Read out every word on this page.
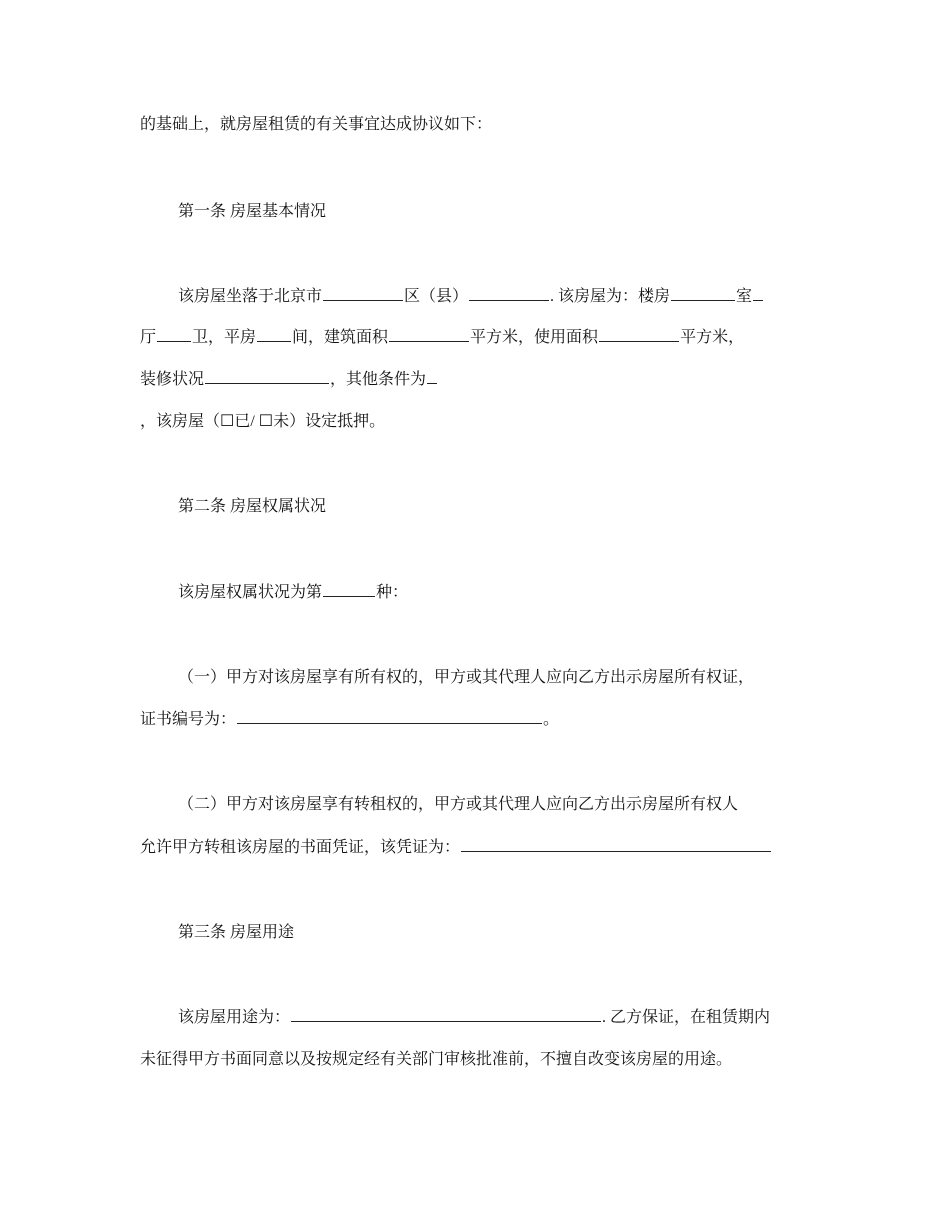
的基础上，就房屋租赁的有关事宜达成协议如下：
第一条 房屋基本情况
该房屋坐落于北京市	区（县）	. 该房屋为：楼房	室
厅 卫，平房 间，建筑面积	平方米，使用面积	平方米，
装修状况	，其他条件为
，该房屋（☐已/ ☐未）设定抵押。
第二条 房屋权属状况
该房屋权属状况为第	种：
（一）甲方对该房屋享有所有权的，甲方或其代理人应向乙方出示房屋所有权证，
证书编号为：	。
（二）甲方对该房屋享有转租权的，甲方或其代理人应向乙方出示房屋所有权人
允许甲方转租该房屋的书面凭证，该凭证为：
第三条 房屋用途
该房屋用途为：	. 乙方保证，在租赁期内
未征得甲方书面同意以及按规定经有关部门审核批准前，不擅自改变该房屋的用途。
